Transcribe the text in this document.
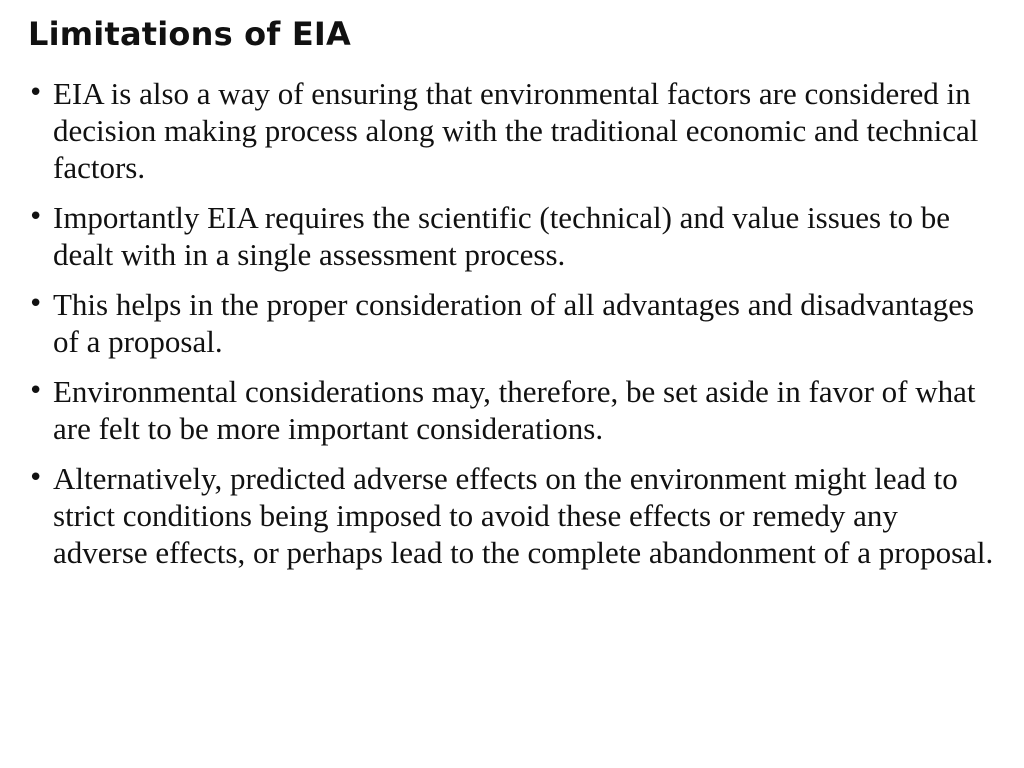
Limitations of EIA
• EIA is also a way of ensuring that environmental factors are considered in decision making process along with the traditional economic and technical factors.
• Importantly EIA requires the scientific (technical) and value issues to be dealt with in a single assessment process.
• This helps in the proper consideration of all advantages and disadvantages of a proposal.
• Environmental considerations may, therefore, be set aside in favor of what are felt to be more important considerations.
• Alternatively, predicted adverse effects on the environment might lead to strict conditions being imposed to avoid these effects or remedy any adverse effects, or perhaps lead to the complete abandonment of a proposal.
